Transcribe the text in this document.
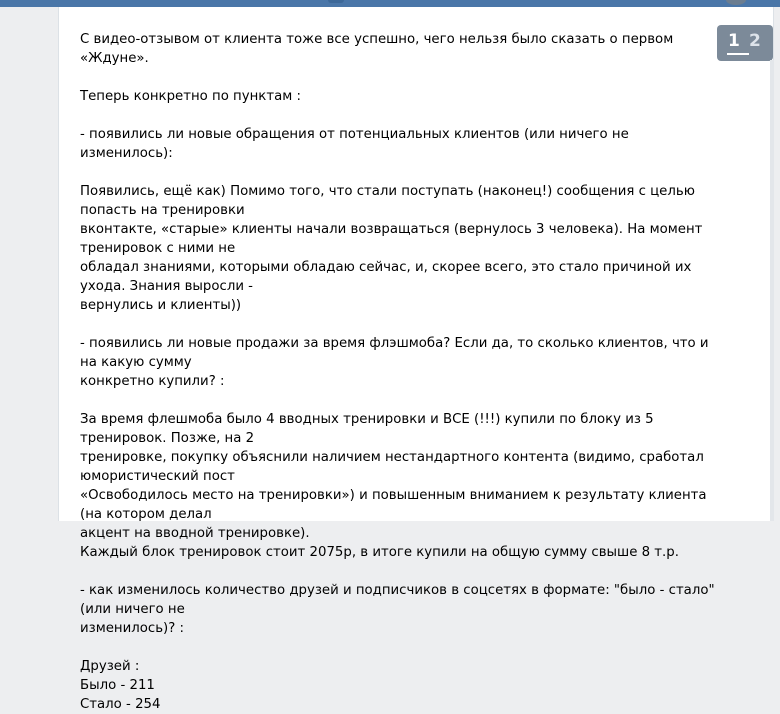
С видео-отзывом от клиента тоже все успешно, чего нельзя было сказать о первом «Ждуне».

Теперь конкретно по пунктам :

- появились ли новые обращения от потенциальных клиентов (или ничего не изменилось):

Появились, ещё как) Помимо того, что стали поступать (наконец!) сообщения с целью попасть на тренировки
вконтакте, «старые» клиенты начали возвращаться (вернулось 3 человека). На момент тренировок с ними не
обладал знаниями, которыми обладаю сейчас, и, скорее всего, это стало причиной их ухода. Знания выросли -
вернулись и клиенты))

- появились ли новые продажи за время флэшмоба? Если да, то сколько клиентов, что и на какую сумму
конкретно купили? :

За время флешмоба было 4 вводных тренировки и ВСЕ (!!!) купили по блоку из 5 тренировок. Позже, на 2
тренировке, покупку объяснили наличием нестандартного контента (видимо, сработал юмористический пост
«Освободилось место на тренировки») и повышенным вниманием к результату клиента (на котором делал
акцент на вводной тренировке).
Каждый блок тренировок стоит 2075р, в итоге купили на общую сумму свыше 8 т.р.

- как изменилось количество друзей и подписчиков в соцсетях в формате: "было - стало" (или ничего не
изменилось)? :

Друзей :
Было - 211
Стало - 254

1 2
